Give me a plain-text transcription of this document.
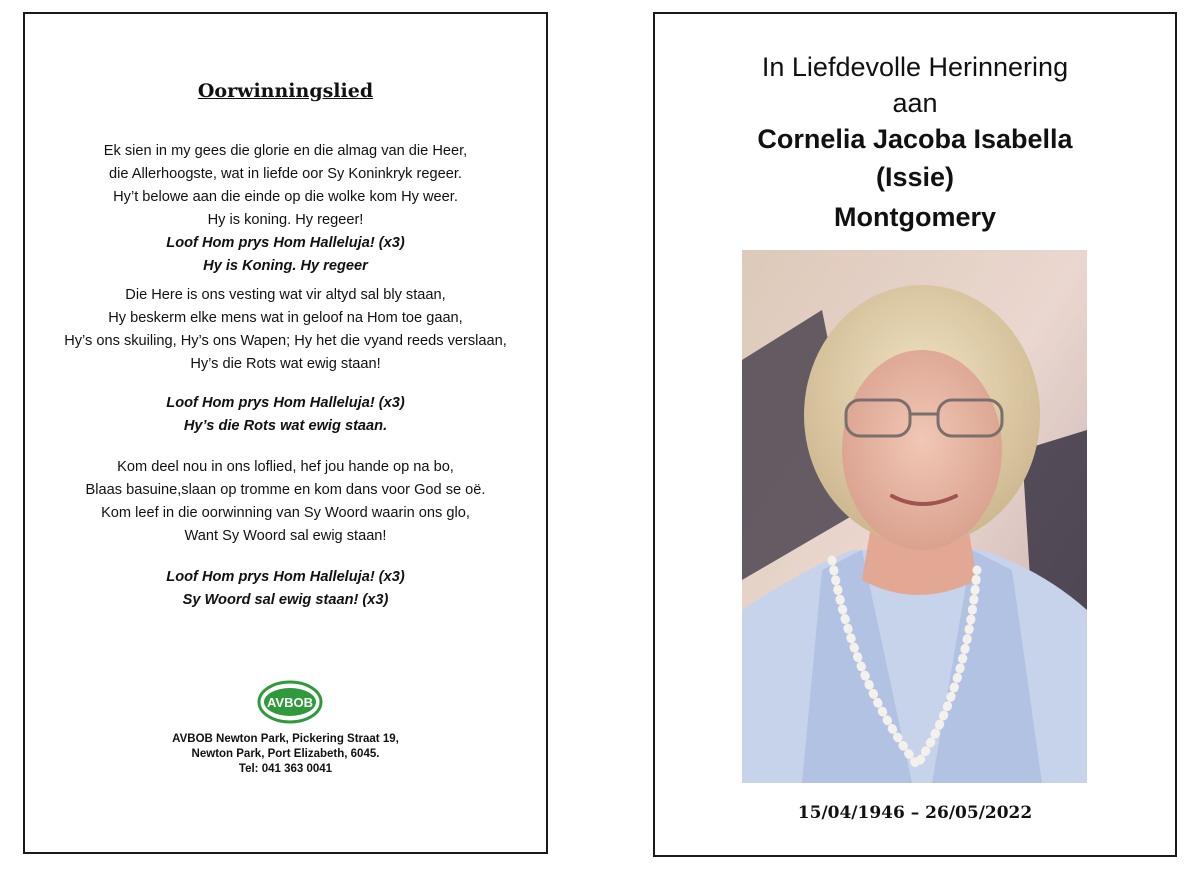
Oorwinningslied
Ek sien in my gees die glorie en die almag van die Heer,
die Allerhoogste, wat in liefde oor Sy Koninkryk regeer.
Hy’t belowe aan die einde op die wolke kom Hy weer.
Hy is koning. Hy regeer!
Loof Hom prys Hom Halleluja! (x3)
Hy is Koning. Hy regeer
Die Here is ons vesting wat vir altyd sal bly staan,
Hy beskerm elke mens wat in geloof na Hom toe gaan,
Hy’s ons skuiling, Hy’s ons Wapen; Hy het die vyand reeds verslaan,
Hy’s die Rots wat ewig staan!
Loof Hom prys Hom Halleluja! (x3)
Hy’s die Rots wat ewig staan.
Kom deel nou in ons loflied, hef jou hande op na bo,
Blaas basuine,slaan op tromme en kom dans voor God se oë.
Kom leef in die oorwinning van Sy Woord waarin ons glo,
Want Sy Woord sal ewig staan!
Loof Hom prys Hom Halleluja! (x3)
Sy Woord sal ewig staan! (x3)
AVBOB
AVBOB Newton Park, Pickering Straat 19,
Newton Park, Port Elizabeth, 6045.
Tel: 041 363 0041
In Liefdevolle Herinnering
aan
Cornelia Jacoba Isabella
(Issie)
Montgomery
15/04/1946 – 26/05/2022
